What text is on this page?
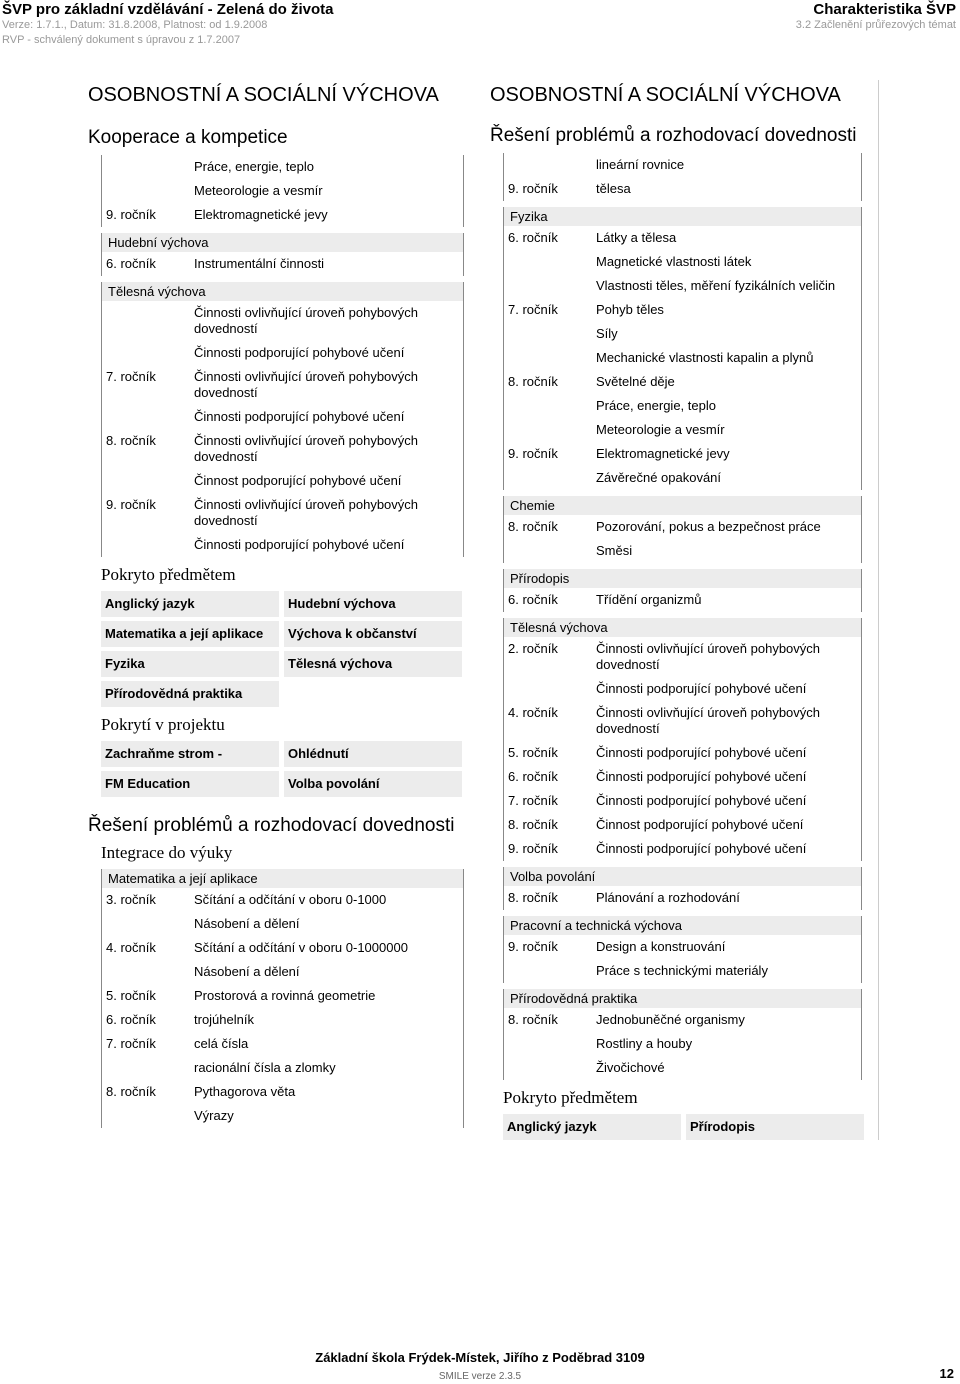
ŠVP pro základní vzdělávání - Zelená do života
Verze: 1.7.1., Datum: 31.8.2008, Platnost: od 1.9.2008
RVP - schválený dokument s úpravou z 1.7.2007
Charakteristika ŠVP
3.2 Začlenění průřezových témat
OSOBNOSTNÍ A SOCIÁLNÍ VÝCHOVA
Kooperace a kompetice
Práce, energie, teplo
Meteorologie a vesmír
9. ročník	Elektromagnetické jevy
Hudební výchova
6. ročník	Instrumentální činnosti
Tělesná výchova
Činnosti ovlivňující úroveň pohybových dovedností
Činnosti podporující pohybové učení
7. ročník	Činnosti ovlivňující úroveň pohybových dovedností
Činnosti podporující pohybové učení
8. ročník	Činnosti ovlivňující úroveň pohybových dovedností
Činnost podporující pohybové učení
9. ročník	Činnosti ovlivňující úroveň pohybových dovedností
Činnosti podporující pohybové učení
Pokryto předmětem
Anglický jazyk	Hudební výchova
Matematika a její aplikace	Výchova k občanství
Fyzika	Tělesná výchova
Přírodovědná praktika
Pokrytí v projektu
Zachraňme strom -	Ohlédnutí
FM Education	Volba povolání
Řešení problémů a rozhodovací dovednosti
Integrace do výuky
Matematika a její aplikace
3. ročník	Sčítání a odčítání v oboru 0-1000
Násobení a dělení
4. ročník	Sčítání a odčítání v oboru 0-1000000
Násobení a dělení
5. ročník	Prostorová a rovinná geometrie
6. ročník	trojúhelník
7. ročník	celá čísla
racionální čísla a zlomky
8. ročník	Pythagorova věta
Výrazy
OSOBNOSTNÍ A SOCIÁLNÍ VÝCHOVA
Řešení problémů a rozhodovací dovednosti
lineární rovnice
9. ročník	tělesa
Fyzika
6. ročník	Látky a tělesa
Magnetické vlastnosti látek
Vlastnosti těles, měření fyzikálních veličin
7. ročník	Pohyb těles
Síly
Mechanické vlastnosti kapalin a plynů
8. ročník	Světelné děje
Práce, energie, teplo
Meteorologie a vesmír
9. ročník	Elektromagnetické jevy
Závěrečné opakování
Chemie
8. ročník	Pozorování, pokus a bezpečnost práce
Směsi
Přírodopis
6. ročník	Třídění organizmů
Tělesná výchova
2. ročník	Činnosti ovlivňující úroveň pohybových dovedností
Činnosti podporující pohybové učení
4. ročník	Činnosti ovlivňující úroveň pohybových dovedností
5. ročník	Činnosti podporující pohybové učení
6. ročník	Činnosti podporující pohybové učení
7. ročník	Činnosti podporující pohybové učení
8. ročník	Činnost podporující pohybové učení
9. ročník	Činnosti podporující pohybové učení
Volba povolání
8. ročník	Plánování a rozhodování
Pracovní a technická výchova
9. ročník	Design a konstruování
Práce s technickými materiály
Přírodovědná praktika
8. ročník	Jednobuněčné organismy
Rostliny a houby
Živočichové
Pokryto předmětem
Anglický jazyk	Přírodopis
Základní škola Frýdek-Místek, Jiřího z Poděbrad 3109
SMILE verze 2.3.5	12
